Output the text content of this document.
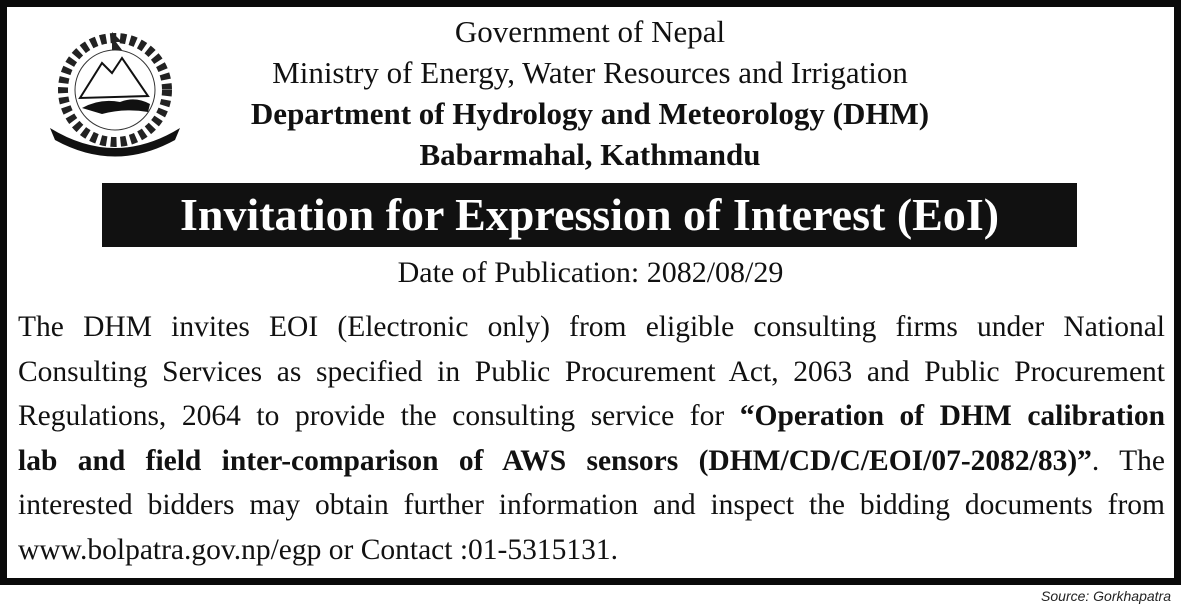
Government of Nepal
Ministry of Energy, Water Resources and Irrigation
Department of Hydrology and Meteorology (DHM)
Babarmahal, Kathmandu
Invitation for Expression of Interest (EoI)
Date of Publication: 2082/08/29
The DHM invites EOI (Electronic only) from eligible consulting firms under National
Consulting Services as specified in Public Procurement Act, 2063 and Public Procurement
Regulations, 2064 to provide the consulting service for “Operation of DHM calibration
lab and field inter-comparison of AWS sensors (DHM/CD/C/EOI/07-2082/83)”. The
interested bidders may obtain further information and inspect the bidding documents from
www.bolpatra.gov.np/egp or Contact :01-5315131.
Source: Gorkhapatra
